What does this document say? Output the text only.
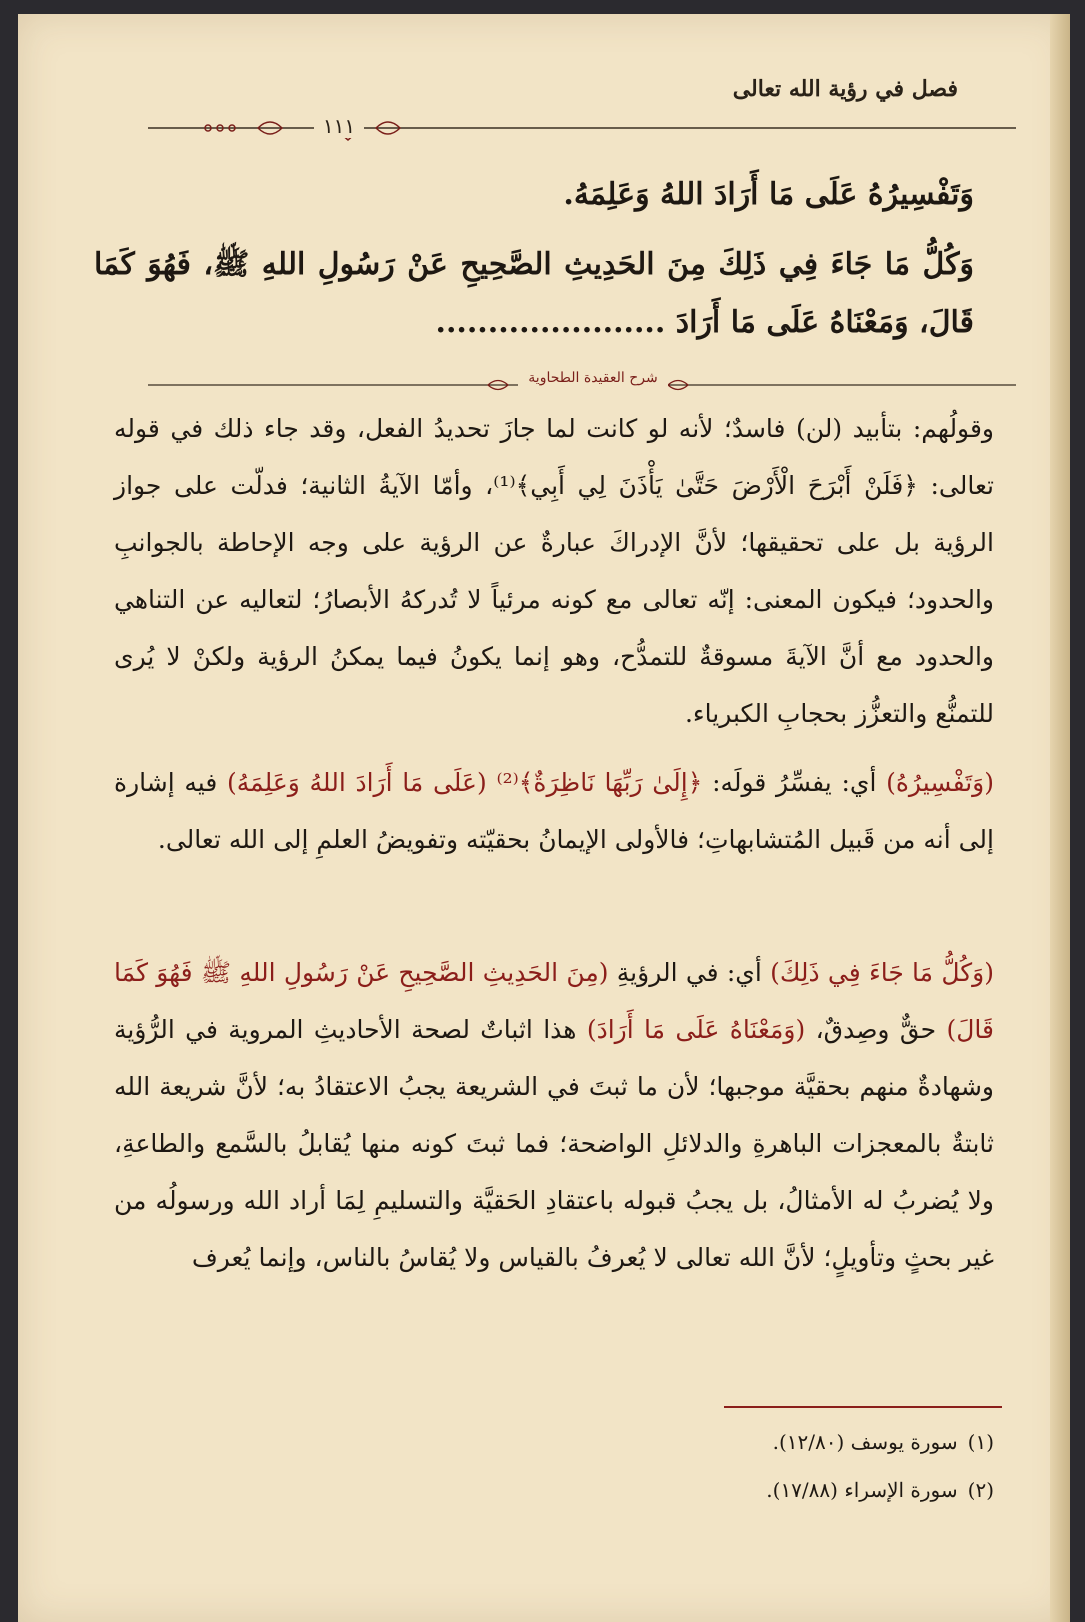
فصل في رؤية الله تعالى
١١١
وَتَفْسِيرُهُ عَلَى مَا أَرَادَ اللهُ وَعَلِمَهُ.
وَكُلُّ مَا جَاءَ فِي ذَلِكَ مِنَ الحَدِيثِ الصَّحِيحِ عَنْ رَسُولِ اللهِ ﷺ، فَهُوَ كَمَا قَالَ، وَمَعْنَاهُ عَلَى مَا أَرَادَ ......................
شرح العقيدة الطحاوية
وقولُهم: بتأبيد (لن) فاسدٌ؛ لأنه لو كانت لما جازَ تحديدُ الفعل، وقد جاء ذلك في قوله تعالى: ﴿فَلَنْ أَبْرَحَ الْأَرْضَ حَتَّىٰ يَأْذَنَ لِي أَبِي﴾⁽¹⁾، وأمّا الآيةُ الثانية؛ فدلّت على جواز الرؤية بل على تحقيقها؛ لأنَّ الإدراكَ عبارةٌ عن الرؤية على وجه الإحاطة بالجوانبِ والحدود؛ فيكون المعنى: إنّه تعالى مع كونه مرئياً لا تُدركهُ الأبصارُ؛ لتعاليه عن التناهي والحدود مع أنَّ الآيةَ مسوقةٌ للتمدُّح، وهو إنما يكونُ فيما يمكنُ الرؤية ولكنْ لا يُرى للتمنُّع والتعزُّز بحجابِ الكبرياء.
(وَتَفْسِيرُهُ) أي: يفسِّرُ قولَه: ﴿إِلَىٰ رَبِّهَا نَاظِرَةٌ﴾⁽²⁾ (عَلَى مَا أَرَادَ اللهُ وَعَلِمَهُ) فيه إشارة إلى أنه من قَبيل المُتشابهاتِ؛ فالأولى الإيمانُ بحقيّته وتفويضُ العلمِ إلى الله تعالى.
(وَكُلُّ مَا جَاءَ فِي ذَلِكَ) أي: في الرؤيةِ (مِنَ الحَدِيثِ الصَّحِيحِ عَنْ رَسُولِ اللهِ ﷺ فَهُوَ كَمَا قَالَ) حقٌّ وصِدقٌ، (وَمَعْنَاهُ عَلَى مَا أَرَادَ) هذا اثباتٌ لصحة الأحاديثِ المروية في الرُّؤية وشهادةٌ منهم بحقيَّة موجبها؛ لأن ما ثبتَ في الشريعة يجبُ الاعتقادُ به؛ لأنَّ شريعة الله ثابتةٌ بالمعجزات الباهرةِ والدلائلِ الواضحة؛ فما ثبتَ كونه منها يُقابلُ بالسَّمع والطاعةِ، ولا يُضربُ له الأمثالُ، بل يجبُ قبوله باعتقادِ الحَقيَّة والتسليمِ لِمَا أراد الله ورسولُه من غير بحثٍ وتأويلٍ؛ لأنَّ الله تعالى لا يُعرفُ بالقياس ولا يُقاسُ بالناس، وإنما يُعرف
(١)سورة يوسف (١٢/٨٠).
(٢)سورة الإسراء (١٧/٨٨).
